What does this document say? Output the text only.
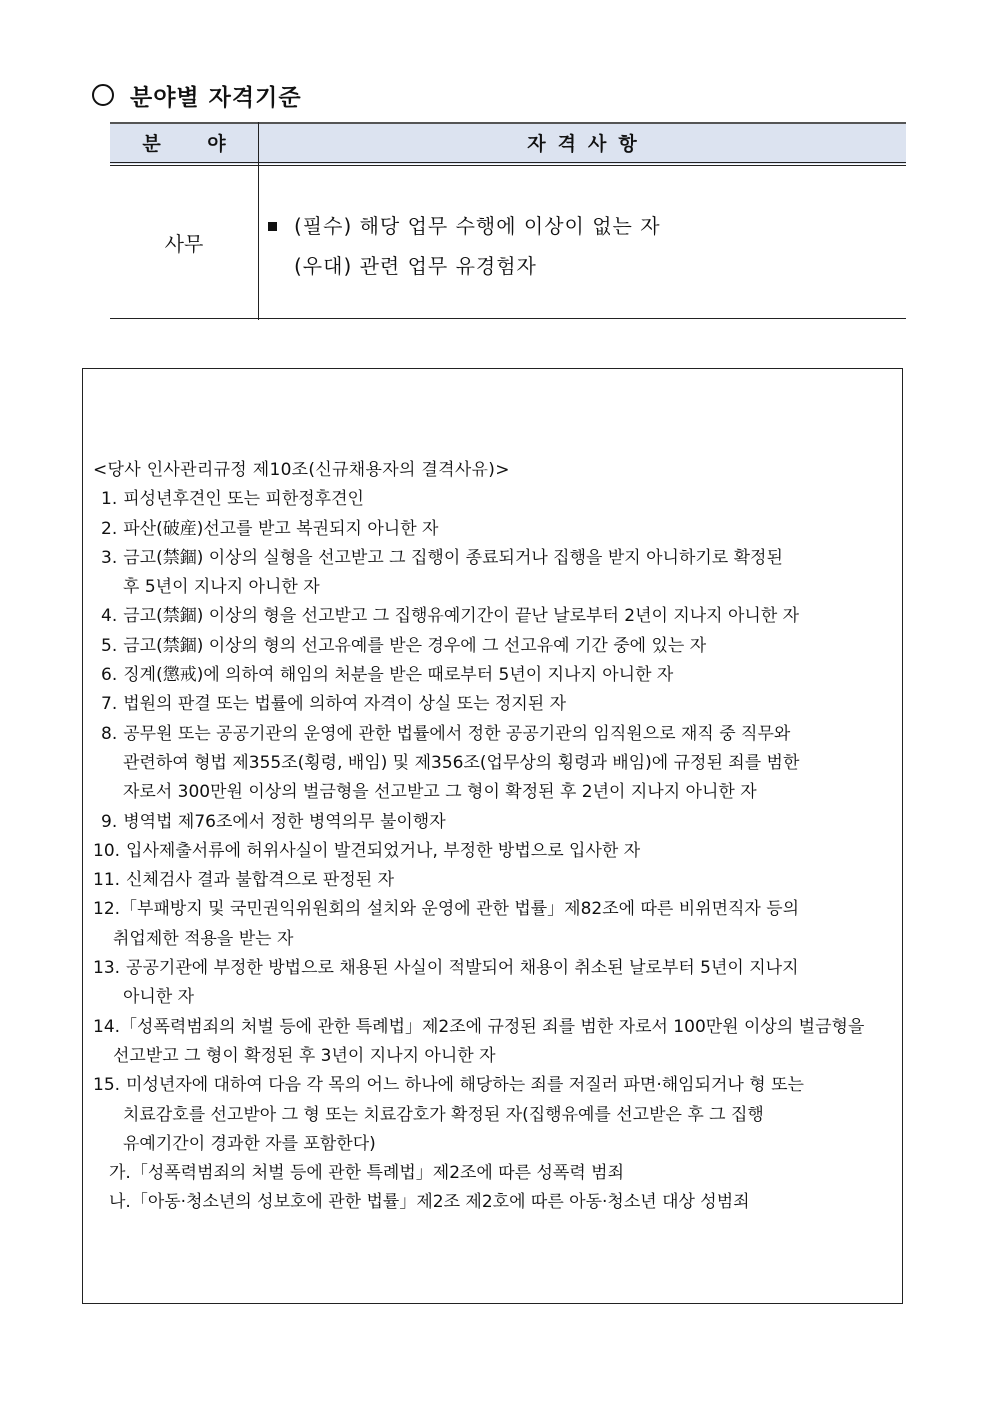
분야별 자격기준
분 야	자격사항
사무
(필수) 해당 업무 수행에 이상이 없는 자
(우대) 관련 업무 유경험자
<당사 인사관리규정 제10조(신규채용자의 결격사유)>
1. 피성년후견인 또는 피한정후견인
2. 파산(破産)선고를 받고 복권되지 아니한 자
3. 금고(禁錮) 이상의 실형을 선고받고 그 집행이 종료되거나 집행을 받지 아니하기로 확정된
후 5년이 지나지 아니한 자
4. 금고(禁錮) 이상의 형을 선고받고 그 집행유예기간이 끝난 날로부터 2년이 지나지 아니한 자
5. 금고(禁錮) 이상의 형의 선고유예를 받은 경우에 그 선고유예 기간 중에 있는 자
6. 징계(懲戒)에 의하여 해임의 처분을 받은 때로부터 5년이 지나지 아니한 자
7. 법원의 판결 또는 법률에 의하여 자격이 상실 또는 정지된 자
8. 공무원 또는 공공기관의 운영에 관한 법률에서 정한 공공기관의 임직원으로 재직 중 직무와
관련하여 형법 제355조(횡령, 배임) 및 제356조(업무상의 횡령과 배임)에 규정된 죄를 범한
자로서 300만원 이상의 벌금형을 선고받고 그 형이 확정된 후 2년이 지나지 아니한 자
9. 병역법 제76조에서 정한 병역의무 불이행자
10. 입사제출서류에 허위사실이 발견되었거나, 부정한 방법으로 입사한 자
11. 신체검사 결과 불합격으로 판정된 자
12. 「부패방지 및 국민권익위원회의 설치와 운영에 관한 법률」제82조에 따른 비위면직자 등의
취업제한 적용을 받는 자
13. 공공기관에 부정한 방법으로 채용된 사실이 적발되어 채용이 취소된 날로부터 5년이 지나지
아니한 자
14. 「성폭력범죄의 처벌 등에 관한 특례법」제2조에 규정된 죄를 범한 자로서 100만원 이상의 벌금형을
선고받고 그 형이 확정된 후 3년이 지나지 아니한 자
15. 미성년자에 대하여 다음 각 목의 어느 하나에 해당하는 죄를 저질러 파면·해임되거나 형 또는
치료감호를 선고받아 그 형 또는 치료감호가 확정된 자(집행유예를 선고받은 후 그 집행
유예기간이 경과한 자를 포함한다)
가.「성폭력범죄의 처벌 등에 관한 특례법」제2조에 따른 성폭력 범죄
나.「아동·청소년의 성보호에 관한 법률」제2조 제2호에 따른 아동·청소년 대상 성범죄
